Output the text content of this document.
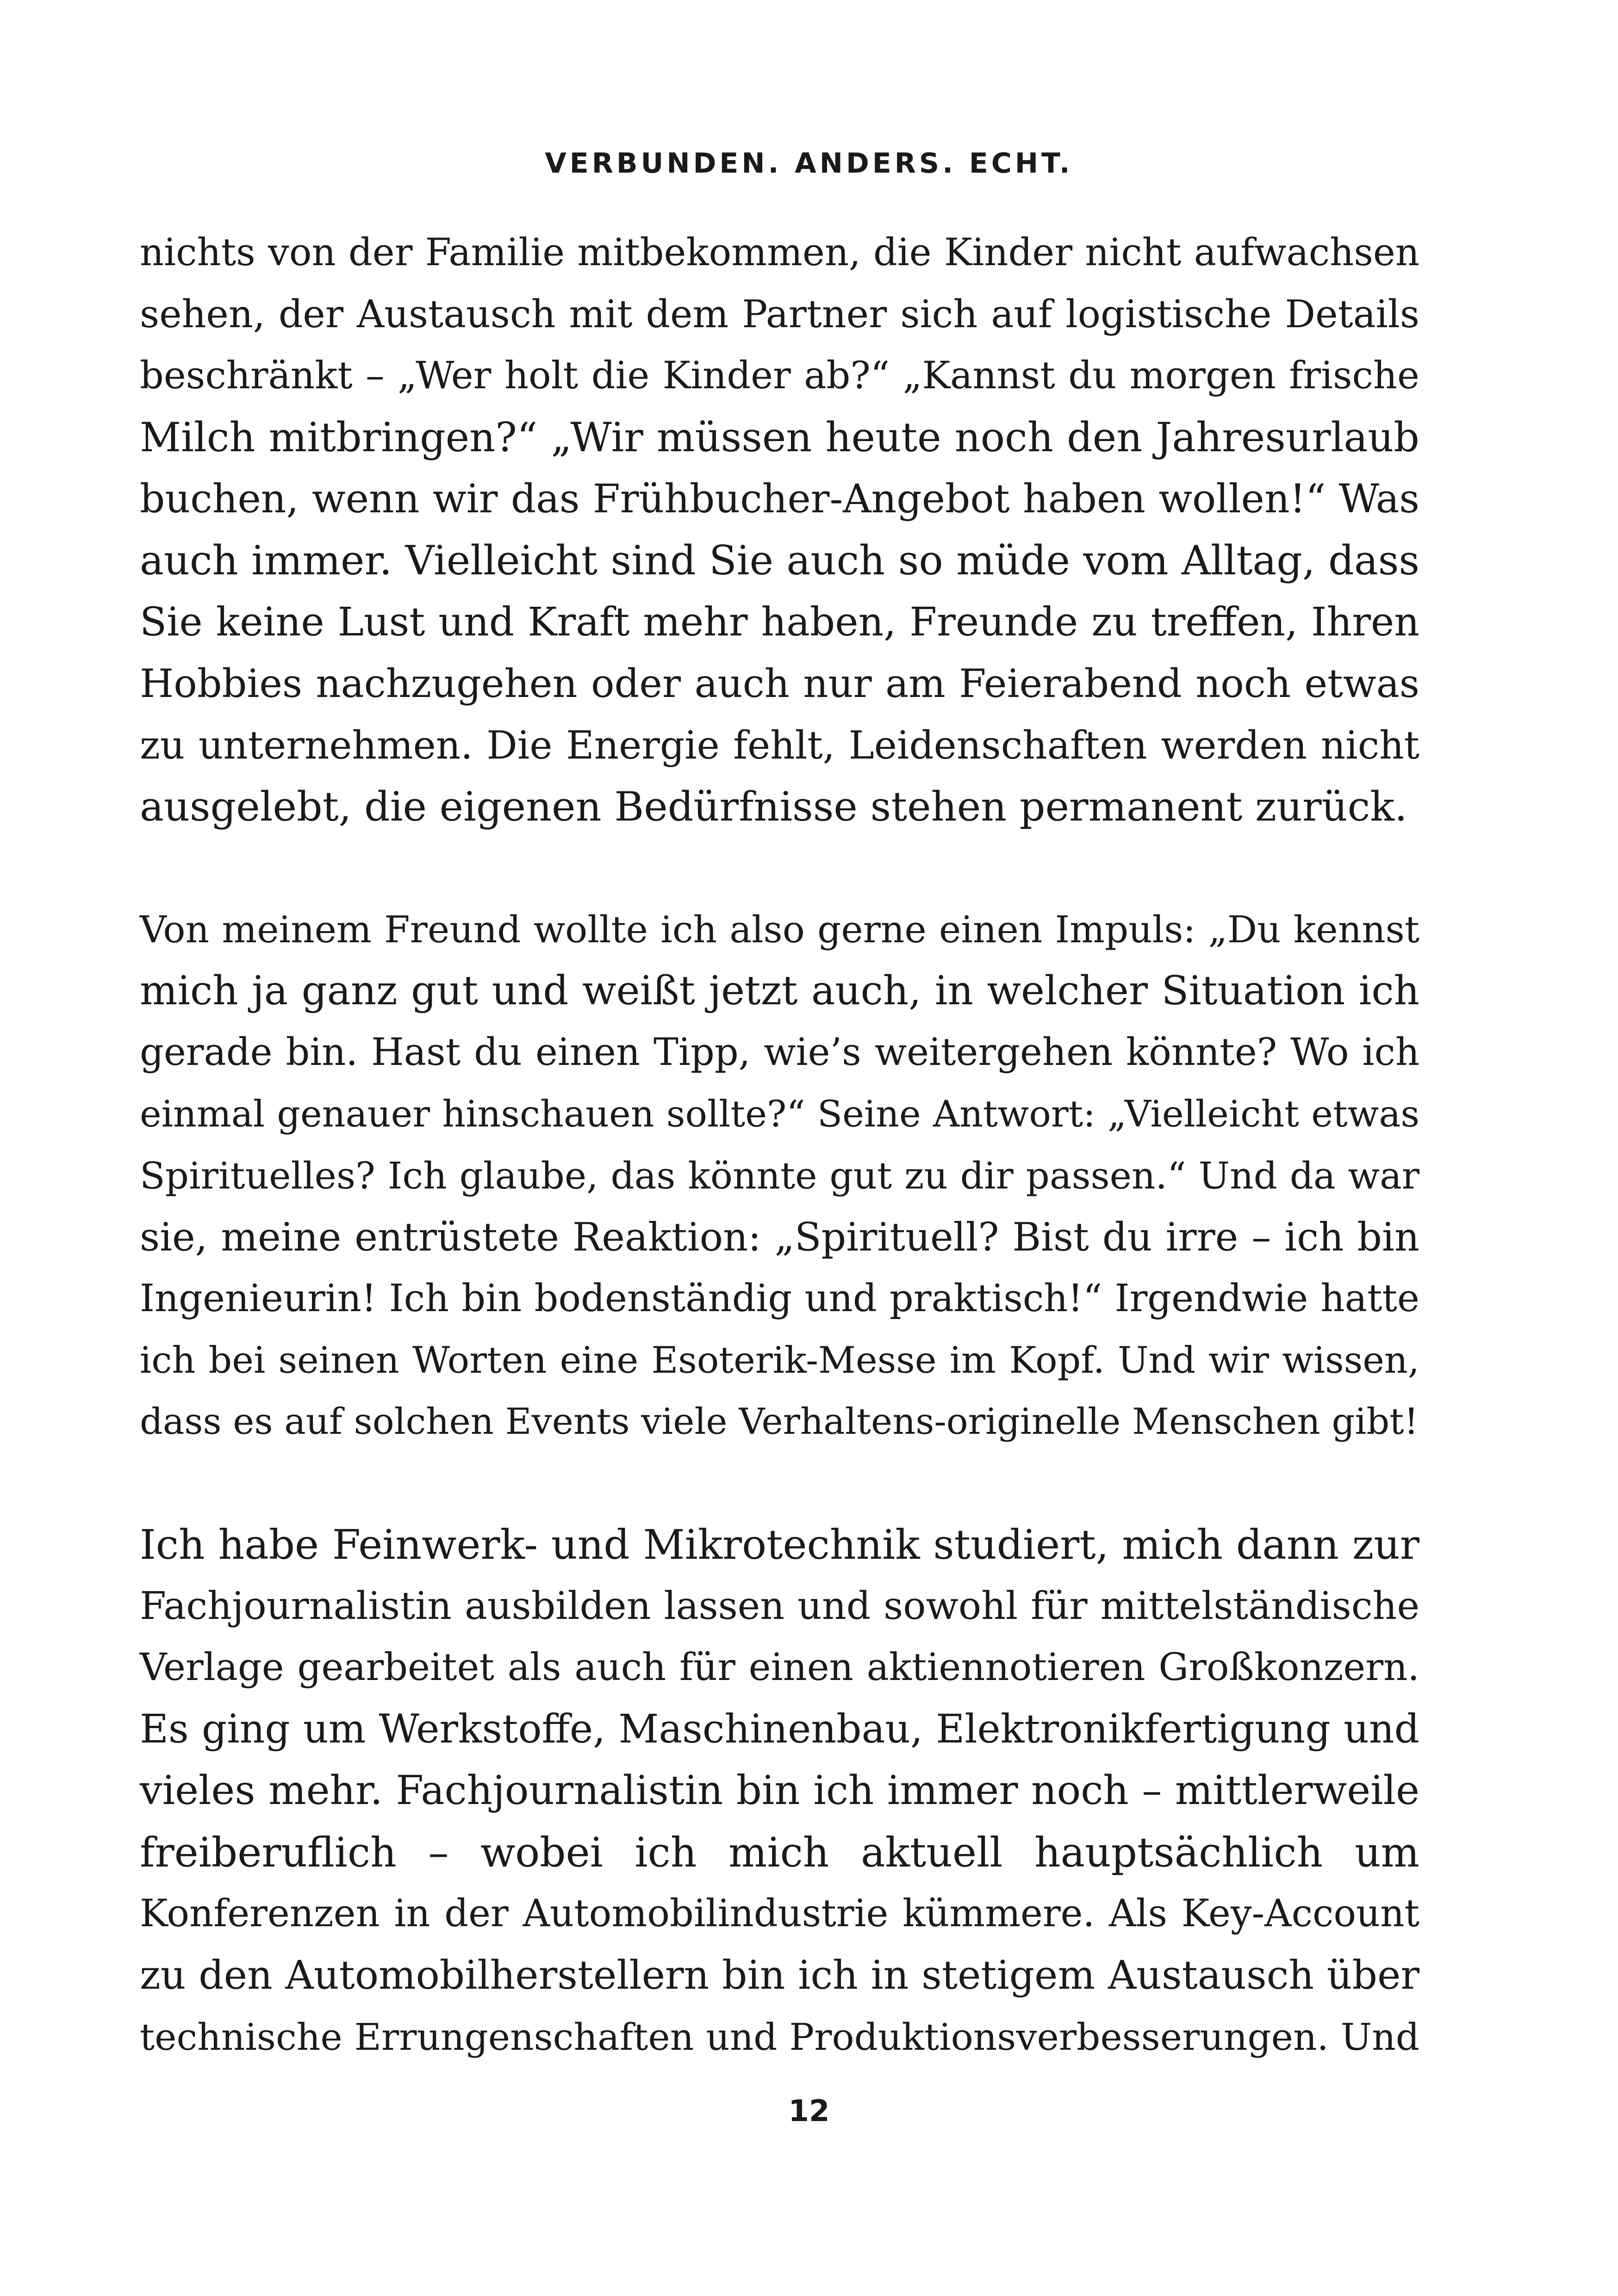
VERBUNDEN. ANDERS. ECHT.

nichts von der Familie mitbekommen, die Kinder nicht aufwachsen
sehen, der Austausch mit dem Partner sich auf logistische Details
beschränkt – „Wer holt die Kinder ab?“ „Kannst du morgen frische
Milch mitbringen?“ „Wir müssen heute noch den Jahresurlaub
buchen, wenn wir das Frühbucher-Angebot haben wollen!“ Was
auch immer. Vielleicht sind Sie auch so müde vom Alltag, dass
Sie keine Lust und Kraft mehr haben, Freunde zu treffen, Ihren
Hobbies nachzugehen oder auch nur am Feierabend noch etwas
zu unternehmen. Die Energie fehlt, Leidenschaften werden nicht
ausgelebt, die eigenen Bedürfnisse stehen permanent zurück.

Von meinem Freund wollte ich also gerne einen Impuls: „Du kennst
mich ja ganz gut und weißt jetzt auch, in welcher Situation ich
gerade bin. Hast du einen Tipp, wie’s weitergehen könnte? Wo ich
einmal genauer hinschauen sollte?“ Seine Antwort: „Vielleicht etwas
Spirituelles? Ich glaube, das könnte gut zu dir passen.“ Und da war
sie, meine entrüstete Reaktion: „Spirituell? Bist du irre – ich bin
Ingenieurin! Ich bin bodenständig und praktisch!“ Irgendwie hatte
ich bei seinen Worten eine Esoterik-Messe im Kopf. Und wir wissen,
dass es auf solchen Events viele Verhaltens-originelle Menschen gibt!

Ich habe Feinwerk- und Mikrotechnik studiert, mich dann zur
Fachjournalistin ausbilden lassen und sowohl für mittelständische
Verlage gearbeitet als auch für einen aktiennotieren Großkonzern.
Es ging um Werkstoffe, Maschinenbau, Elektronikfertigung und
vieles mehr. Fachjournalistin bin ich immer noch – mittlerweile
freiberuflich – wobei ich mich aktuell hauptsächlich um
Konferenzen in der Automobilindustrie kümmere. Als Key-Account
zu den Automobilherstellern bin ich in stetigem Austausch über
technische Errungenschaften und Produktionsverbesserungen. Und

12
